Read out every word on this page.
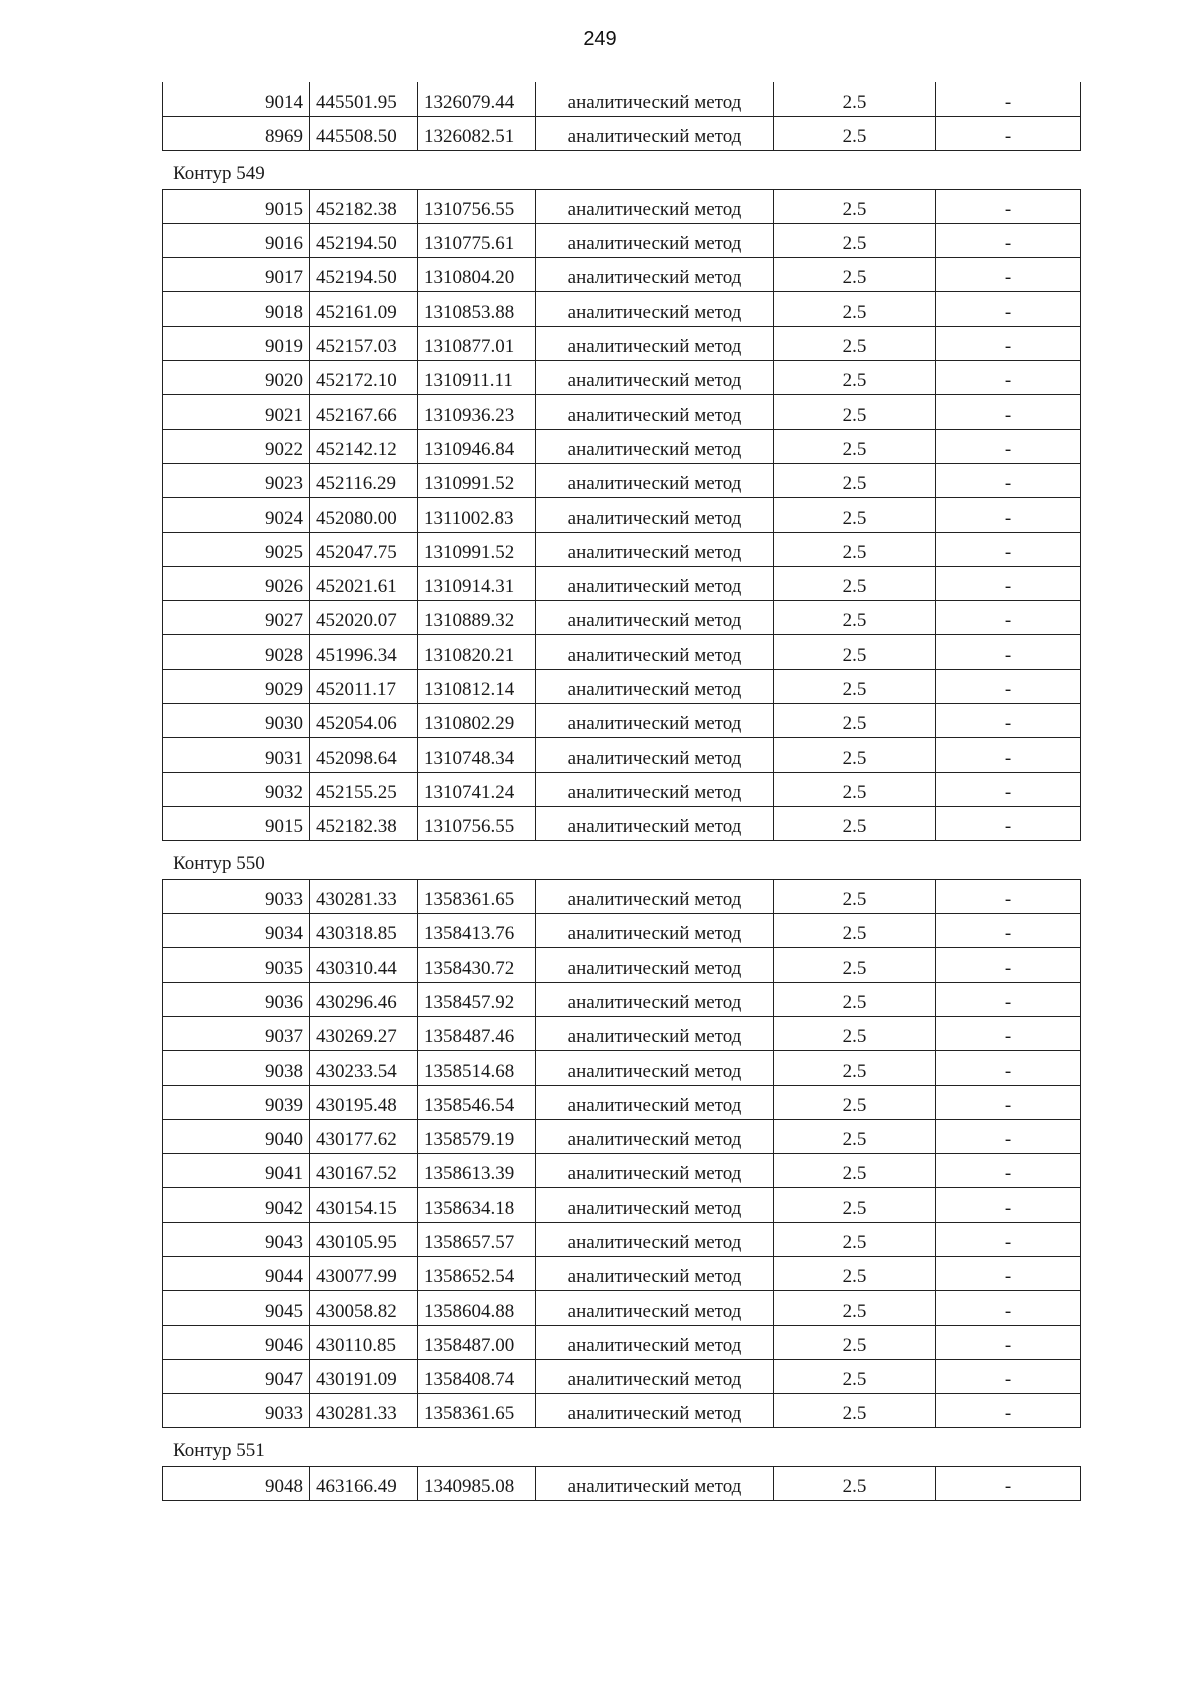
249
9014	445501.95	1326079.44	аналитический метод	2.5	-
8969	445508.50	1326082.51	аналитический метод	2.5	-
Контур 549
9015	452182.38	1310756.55	аналитический метод	2.5	-
9016	452194.50	1310775.61	аналитический метод	2.5	-
9017	452194.50	1310804.20	аналитический метод	2.5	-
9018	452161.09	1310853.88	аналитический метод	2.5	-
9019	452157.03	1310877.01	аналитический метод	2.5	-
9020	452172.10	1310911.11	аналитический метод	2.5	-
9021	452167.66	1310936.23	аналитический метод	2.5	-
9022	452142.12	1310946.84	аналитический метод	2.5	-
9023	452116.29	1310991.52	аналитический метод	2.5	-
9024	452080.00	1311002.83	аналитический метод	2.5	-
9025	452047.75	1310991.52	аналитический метод	2.5	-
9026	452021.61	1310914.31	аналитический метод	2.5	-
9027	452020.07	1310889.32	аналитический метод	2.5	-
9028	451996.34	1310820.21	аналитический метод	2.5	-
9029	452011.17	1310812.14	аналитический метод	2.5	-
9030	452054.06	1310802.29	аналитический метод	2.5	-
9031	452098.64	1310748.34	аналитический метод	2.5	-
9032	452155.25	1310741.24	аналитический метод	2.5	-
9015	452182.38	1310756.55	аналитический метод	2.5	-
Контур 550
9033	430281.33	1358361.65	аналитический метод	2.5	-
9034	430318.85	1358413.76	аналитический метод	2.5	-
9035	430310.44	1358430.72	аналитический метод	2.5	-
9036	430296.46	1358457.92	аналитический метод	2.5	-
9037	430269.27	1358487.46	аналитический метод	2.5	-
9038	430233.54	1358514.68	аналитический метод	2.5	-
9039	430195.48	1358546.54	аналитический метод	2.5	-
9040	430177.62	1358579.19	аналитический метод	2.5	-
9041	430167.52	1358613.39	аналитический метод	2.5	-
9042	430154.15	1358634.18	аналитический метод	2.5	-
9043	430105.95	1358657.57	аналитический метод	2.5	-
9044	430077.99	1358652.54	аналитический метод	2.5	-
9045	430058.82	1358604.88	аналитический метод	2.5	-
9046	430110.85	1358487.00	аналитический метод	2.5	-
9047	430191.09	1358408.74	аналитический метод	2.5	-
9033	430281.33	1358361.65	аналитический метод	2.5	-
Контур 551
9048	463166.49	1340985.08	аналитический метод	2.5	-
